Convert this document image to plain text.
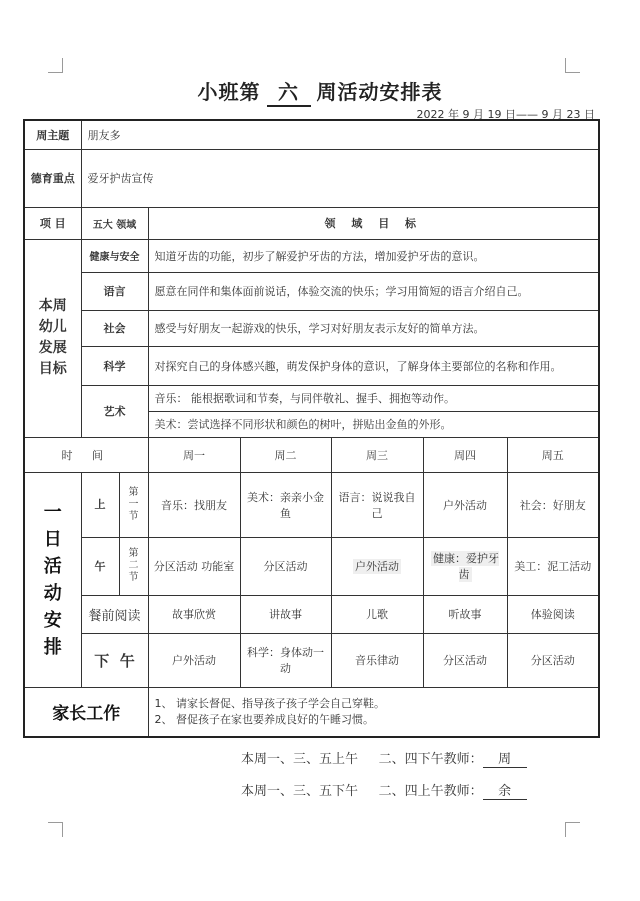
小班第 六 周活动安排表
2022 年 9 月 19 日—— 9 月 23 日
周主题	朋友多						
德育重点	爱牙护齿宣传						
项 目	五大 领域		领 域 目 标				
本周幼儿发展目标	健康与安全		知道牙齿的功能，初步了解爱护牙齿的方法，增加爱护牙齿的意识。				
	语言		愿意在同伴和集体面前说话，体验交流的快乐；学习用简短的语言介绍自己。				
	社会		感受与好朋友一起游戏的快乐，学习对好朋友表示友好的简单方法。				
	科学		对探究自己的身体感兴趣，萌发保护身体的意识，了解身体主要部位的名称和作用。				
	艺术		音乐： 能根据歌词和节奏，与同伴敬礼、握手、拥抱等动作。				
			美术：尝试选择不同形状和颜色的树叶，拼贴出金鱼的外形。				
时 间			周一	周二	周三	周四	周五

一日活动安排	上	第一节	音乐：找朋友	美术：亲亲小金鱼	语言：说说我自己	户外活动	社会：好朋友
	午	第二节	分区活动 功能室	分区活动	户外活动	健康：爱护牙齿	美工：泥工活动
	餐前阅读		故事欣赏	讲故事	儿歌	听故事	体验阅读
	下  午		户外活动	科学：身体动一动	音乐律动	分区活动	分区活动
家长工作			1、 请家长督促、指导孩子孩子学会自己穿鞋。
2、 督促孩子在家也要养成良好的午睡习惯。				
本周一、三、五上午     二、四下午教师： 周
本周一、三、五下午     二、四上午教师： 余
